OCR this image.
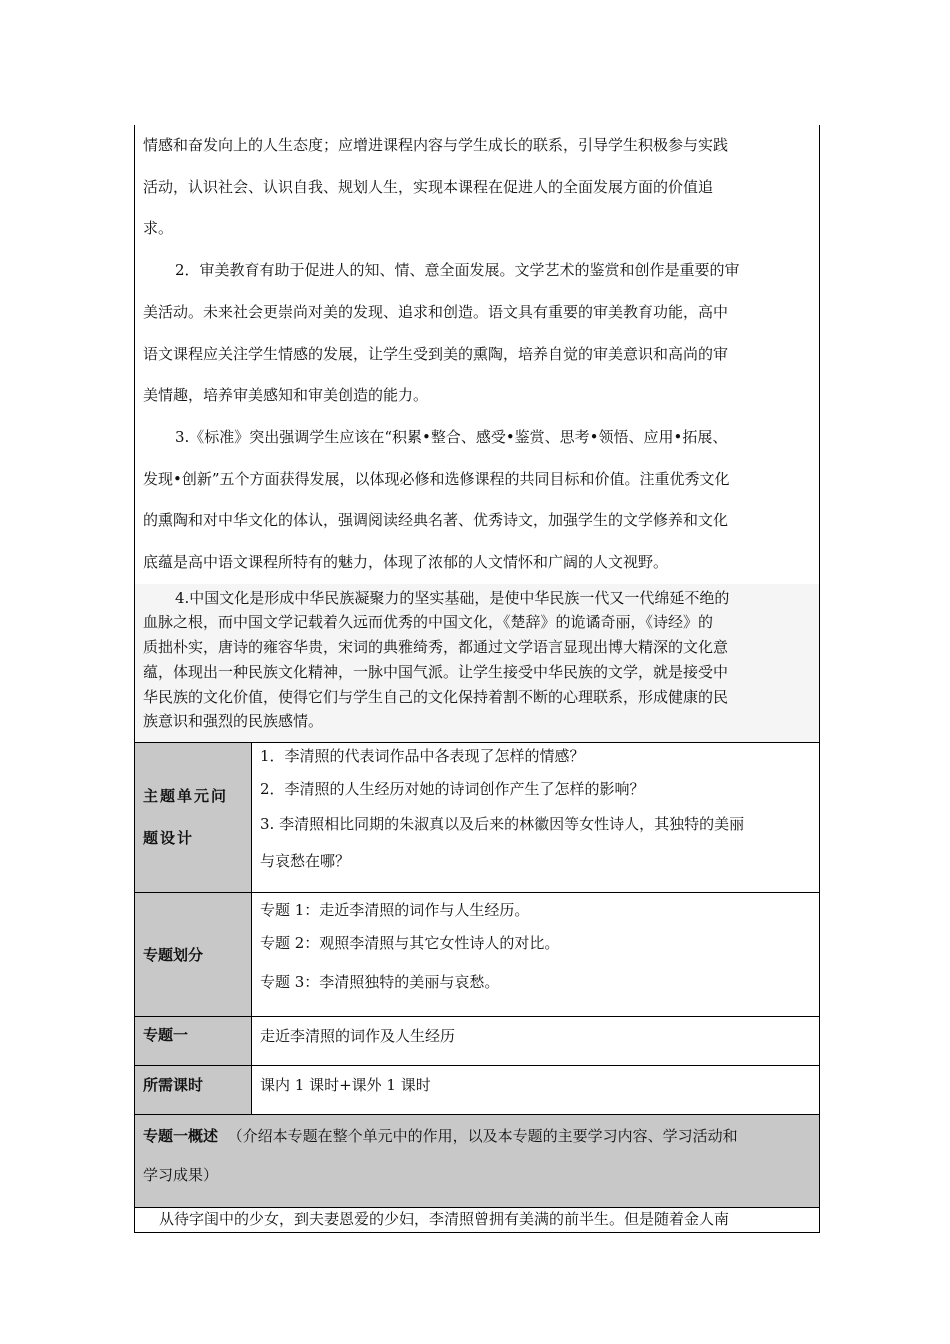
情感和奋发向上的人生态度；应增进课程内容与学生成长的联系，引导学生积极参与实践

活动，认识社会、认识自我、规划人生，实现本课程在促进人的全面发展方面的价值追

求。

2．审美教育有助于促进人的知、情、意全面发展。文学艺术的鉴赏和创作是重要的审

美活动。未来社会更崇尚对美的发现、追求和创造。语文具有重要的审美教育功能，高中

语文课程应关注学生情感的发展，让学生受到美的熏陶，培养自觉的审美意识和高尚的审

美情趣，培养审美感知和审美创造的能力。

3.《标准》突出强调学生应该在“积累•整合、感受•鉴赏、思考•领悟、应用•拓展、

发现•创新”五个方面获得发展，以体现必修和选修课程的共同目标和价值。注重优秀文化

的熏陶和对中华文化的体认，强调阅读经典名著、优秀诗文，加强学生的文学修养和文化

底蕴是高中语文课程所特有的魅力，体现了浓郁的人文情怀和广阔的人文视野。

4.中国文化是形成中华民族凝聚力的坚实基础，是使中华民族一代又一代绵延不绝的
血脉之根，而中国文学记载着久远而优秀的中国文化，《楚辞》的诡谲奇丽，《诗经》的
质拙朴实，唐诗的雍容华贵，宋词的典雅绮秀，都通过文学语言显现出博大精深的文化意
蕴，体现出一种民族文化精神，一脉中国气派。让学生接受中华民族的文学，就是接受中
华民族的文化价值，使得它们与学生自己的文化保持着割不断的心理联系，形成健康的民
族意识和强烈的民族感情。
主题单元问题设计

1．李清照的代表词作品中各表现了怎样的情感？

2．李清照的人生经历对她的诗词创作产生了怎样的影响？

3. 李清照相比同期的朱淑真以及后来的林徽因等女性诗人，其独特的美丽

与哀愁在哪？

专题划分

专题 1：走近李清照的词作与人生经历。

专题 2：观照李清照与其它女性诗人的对比。

专题 3：李清照独特的美丽与哀愁。

专题一	走近李清照的词作及人生经历
所需课时	课内 1 课时+课外 1 课时

专题一概述 （介绍本专题在整个单元中的作用，以及本专题的主要学习内容、学习活动和

学习成果）

从待字闺中的少女，到夫妻恩爱的少妇，李清照曾拥有美满的前半生。但是随着金人南
